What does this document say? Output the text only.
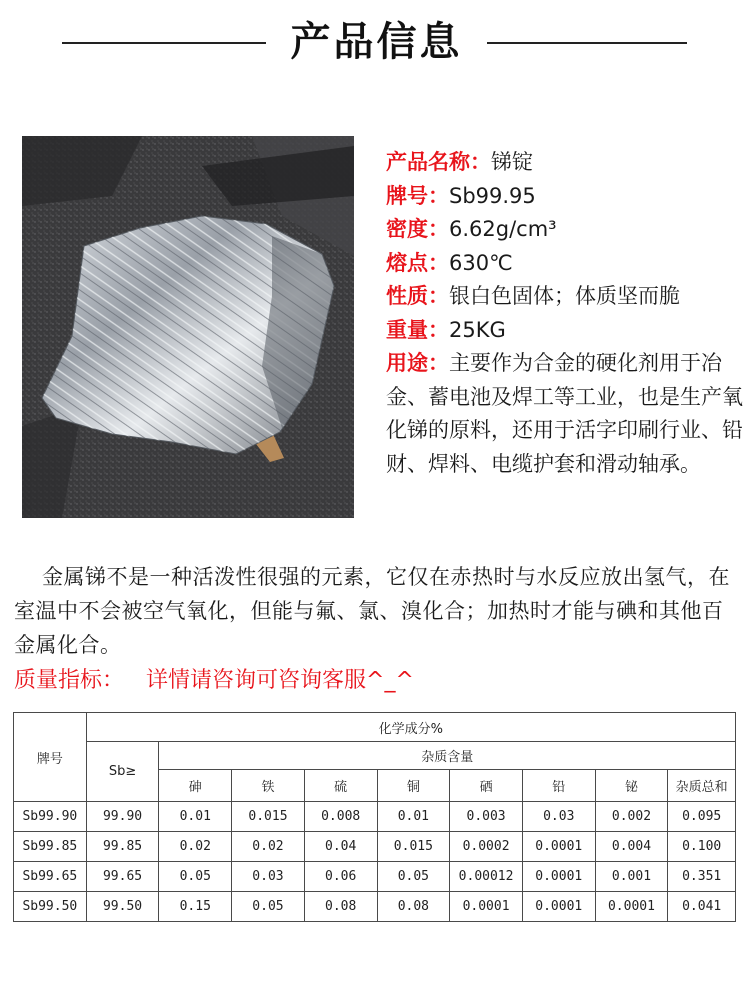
产品信息

产品名称：锑锭

牌号：Sb99.95

密度：6.62g/cm³

熔点：630℃

性质：银白色固体；体质坚而脆

重量：25KG

用途：主要作为合金的硬化剂用于冶金、蓄电池及焊工等工业，也是生产氧化锑的原料，还用于活字印刷行业、铅财、焊料、电缆护套和滑动轴承。

金属锑不是一种活泼性很强的元素，它仅在赤热时与水反应放出氢气，在室温中不会被空气氧化，但能与氟、氯、溴化合；加热时才能与碘和其他百金属化合。

质量指标： 详情请咨询可咨询客服^_^
牌号	化学成分%								
	Sb≥	杂质含量							
		砷	铁	硫	铜	硒	铅	铋	杂质总和
Sb99.90	99.90	0.01	0.015	0.008	0.01	0.003	0.03	0.002	0.095
Sb99.85	99.85	0.02	0.02	0.04	0.015	0.0002	0.0001	0.004	0.100
Sb99.65	99.65	0.05	0.03	0.06	0.05	0.00012	0.0001	0.001	0.351
Sb99.50	99.50	0.15	0.05	0.08	0.08	0.0001	0.0001	0.0001	0.041
